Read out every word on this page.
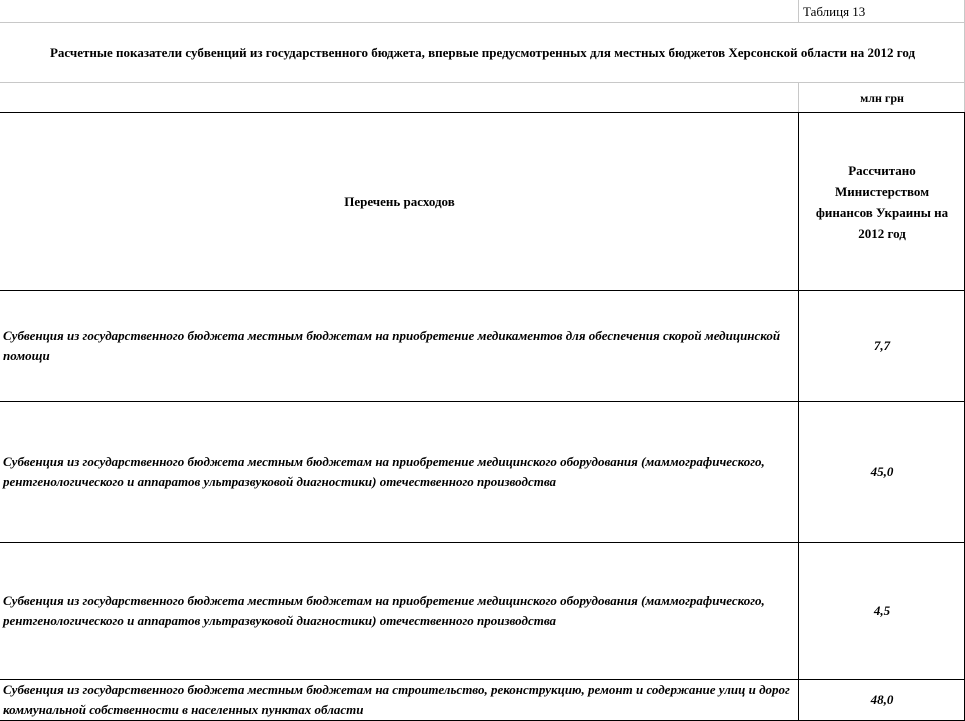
Таблиця 13
Расчетные показатели субвенций из государственного бюджета, впервые предусмотренных для местных бюджетов Херсонской области на 2012 год
млн грн
Перечень расходов
Рассчитано Министерством финансов Украины на 2012 год
Субвенция из государственного бюджета местным бюджетам на приобретение медикаментов для обеспечения скорой медицинской помощи
7,7
Субвенция из государственного бюджета местным бюджетам на приобретение медицинского оборудования (маммографического, рентгенологического и аппаратов ультразвуковой диагностики) отечественного производства
45,0
Субвенция из государственного бюджета местным бюджетам на приобретение медицинского оборудования (маммографического, рентгенологического и аппаратов ультразвуковой диагностики) отечественного производства
4,5
Субвенция из государственного бюджета местным бюджетам на строительство, реконструкцию, ремонт и содержание улиц и дорог коммунальной собственности в населенных пунктах области
48,0
